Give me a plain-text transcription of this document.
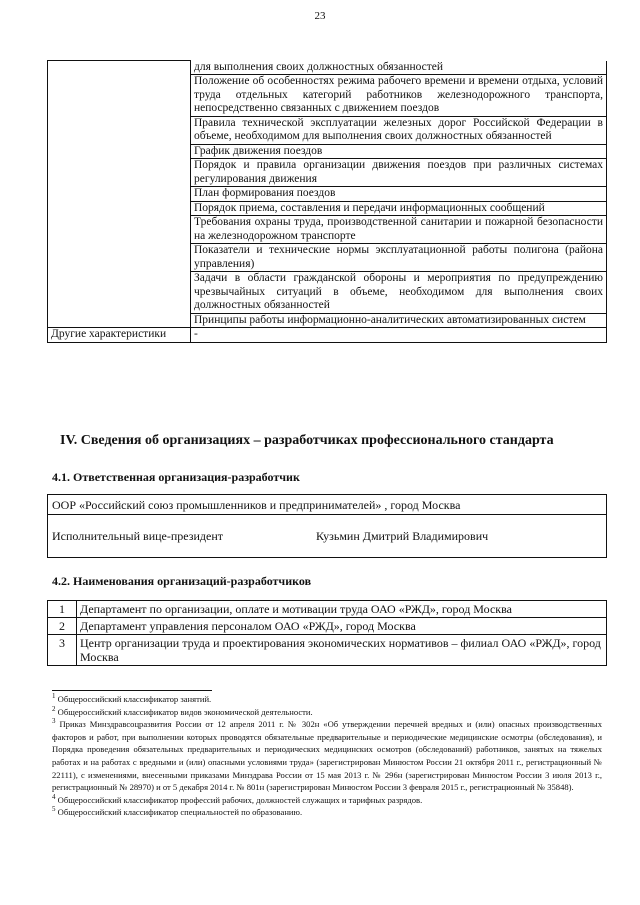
23
	для выполнения своих должностных обязанностей
	Положение об особенностях режима рабочего времени и времени отдыха, условий труда отдельных категорий работников железнодорожного транспорта, непосредственно связанных с движением поездов
	Правила технической эксплуатации железных дорог Российской Федерации в объеме, необходимом для выполнения своих должностных обязанностей
	График движения поездов
	Порядок и правила организации движения поездов при различных системах регулирования движения
	План формирования поездов
	Порядок приема, составления и передачи информационных сообщений
	Требования охраны труда, производственной санитарии и пожарной безопасности на железнодорожном транспорте
	Показатели и технические нормы эксплуатационной работы полигона (района управления)
	Задачи в области гражданской обороны и мероприятия по предупреждению чрезвычайных ситуаций в объеме, необходимом для выполнения своих должностных обязанностей
	Принципы работы информационно-аналитических автоматизированных систем
Другие характеристики	-
IV. Сведения об организациях – разработчиках профессионального стандарта
4.1. Ответственная организация-разработчик
ООР «Российский союз промышленников и предпринимателей» , город Москва
Исполнительный вице-президент	Кузьмин Дмитрий Владимирович
4.2. Наименования организаций-разработчиков
1	Департамент по организации, оплате и мотивации труда ОАО «РЖД», город Москва
2	Департамент управления персоналом ОАО «РЖД», город Москва
3	Центр организации труда и проектирования экономических нормативов – филиал ОАО «РЖД», город Москва

$^1$ Общероссийский классификатор занятий.

$^2$ Общероссийский классификатор видов экономической деятельности.

$^3$ Приказ Минздравсоцразвития России от 12 апреля 2011 г. № 302н «Об утверждении перечней вредных и (или) опасных производственных факторов и работ, при выполнении которых проводятся обязательные предварительные и периодические медицинские осмотры (обследования), и Порядка проведения обязательных предварительных и периодических медицинских осмотров (обследований) работников, занятых на тяжелых работах и на работах с вредными и (или) опасными условиями труда» (зарегистрирован Минюстом России 21 октября 2011 г., регистрационный № 22111), с изменениями, внесенными приказами Минздрава России от 15 мая 2013 г. № 296н (зарегистрирован Минюстом России 3 июля 2013 г., регистрационный № 28970) и от 5 декабря 2014 г. № 801н (зарегистрирован Минюстом России 3 февраля 2015 г., регистрационный № 35848).

$^4$ Общероссийский классификатор профессий рабочих, должностей служащих и тарифных разрядов.

$^5$ Общероссийский классификатор специальностей по образованию.
